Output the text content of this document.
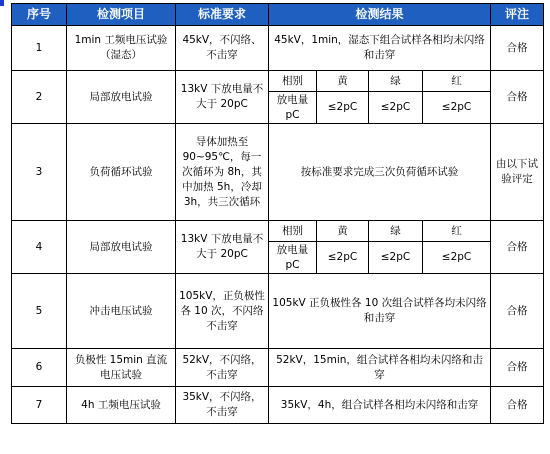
序号	检测项目	标准要求	检测结果				评注
1	1min 工频电压试验（湿态）	45kV，不闪络、不击穿	45kV，1min，湿态下组合试样各相均未闪络和击穿				合格
2	局部放电试验	13kV 下放电量不大于 20pC	相别	黄	绿	红	合格
			放电量 pC	≤2pC	≤2pC	≤2pC	
3	负荷循环试验	导体加热至 90~95℃，每一次循环为 8h，其中加热 5h，冷却 3h，共三次循环	按标准要求完成三次负荷循环试验				由以下试验评定
4	局部放电试验	13kV 下放电量不大于 20pC	相别	黄	绿	红	合格
			放电量 pC	≤2pC	≤2pC	≤2pC	
5	冲击电压试验	105kV，正负极性各 10 次，不闪络不击穿	105kV 正负极性各 10 次组合试样各均未闪络和击穿				合格
6	负极性 15min 直流电压试验	52kV，不闪络，不击穿	52kV，15min，组合试样各相均未闪络和击穿				合格
7	4h 工频电压试验	35kV，不闪络，不击穿	35kV，4h，组合试样各相均未闪络和击穿				合格
